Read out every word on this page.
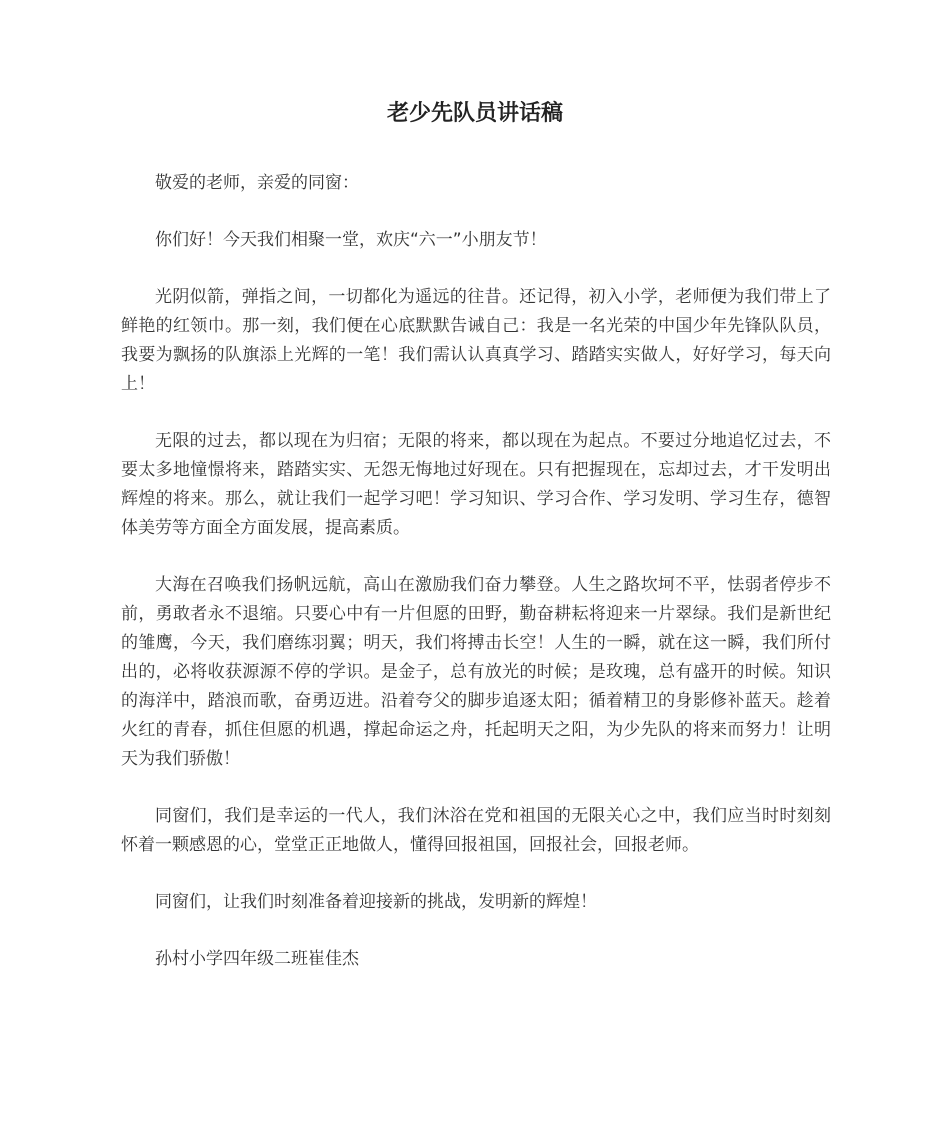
老少先队员讲话稿

敬爱的老师，亲爱的同窗：

你们好！今天我们相聚一堂，欢庆“六一”小朋友节！

光阴似箭，弹指之间，一切都化为遥远的往昔。还记得，初入小学，老师便为我们带上了鲜艳的红领巾。那一刻，我们便在心底默默告诫自己：我是一名光荣的中国少年先锋队队员，我要为飘扬的队旗添上光辉的一笔！我们需认认真真学习、踏踏实实做人，好好学习，每天向上！

无限的过去，都以现在为归宿；无限的将来，都以现在为起点。不要过分地追忆过去，不要太多地憧憬将来，踏踏实实、无怨无悔地过好现在。只有把握现在，忘却过去，才干发明出辉煌的将来。那么，就让我们一起学习吧！学习知识、学习合作、学习发明、学习生存，德智体美劳等方面全方面发展，提高素质。

大海在召唤我们扬帆远航，高山在激励我们奋力攀登。人生之路坎坷不平，怯弱者停步不前，勇敢者永不退缩。只要心中有一片但愿的田野，勤奋耕耘将迎来一片翠绿。我们是新世纪的雏鹰，今天，我们磨练羽翼；明天，我们将搏击长空！人生的一瞬，就在这一瞬，我们所付出的，必将收获源源不停的学识。是金子，总有放光的时候；是玫瑰，总有盛开的时候。知识的海洋中，踏浪而歌，奋勇迈进。沿着夸父的脚步追逐太阳；循着精卫的身影修补蓝天。趁着火红的青春，抓住但愿的机遇，撑起命运之舟，托起明天之阳，为少先队的将来而努力！让明天为我们骄傲！

同窗们，我们是幸运的一代人，我们沐浴在党和祖国的无限关心之中，我们应当时时刻刻怀着一颗感恩的心，堂堂正正地做人，懂得回报祖国，回报社会，回报老师。

同窗们，让我们时刻准备着迎接新的挑战，发明新的辉煌！

孙村小学四年级二班崔佳杰
